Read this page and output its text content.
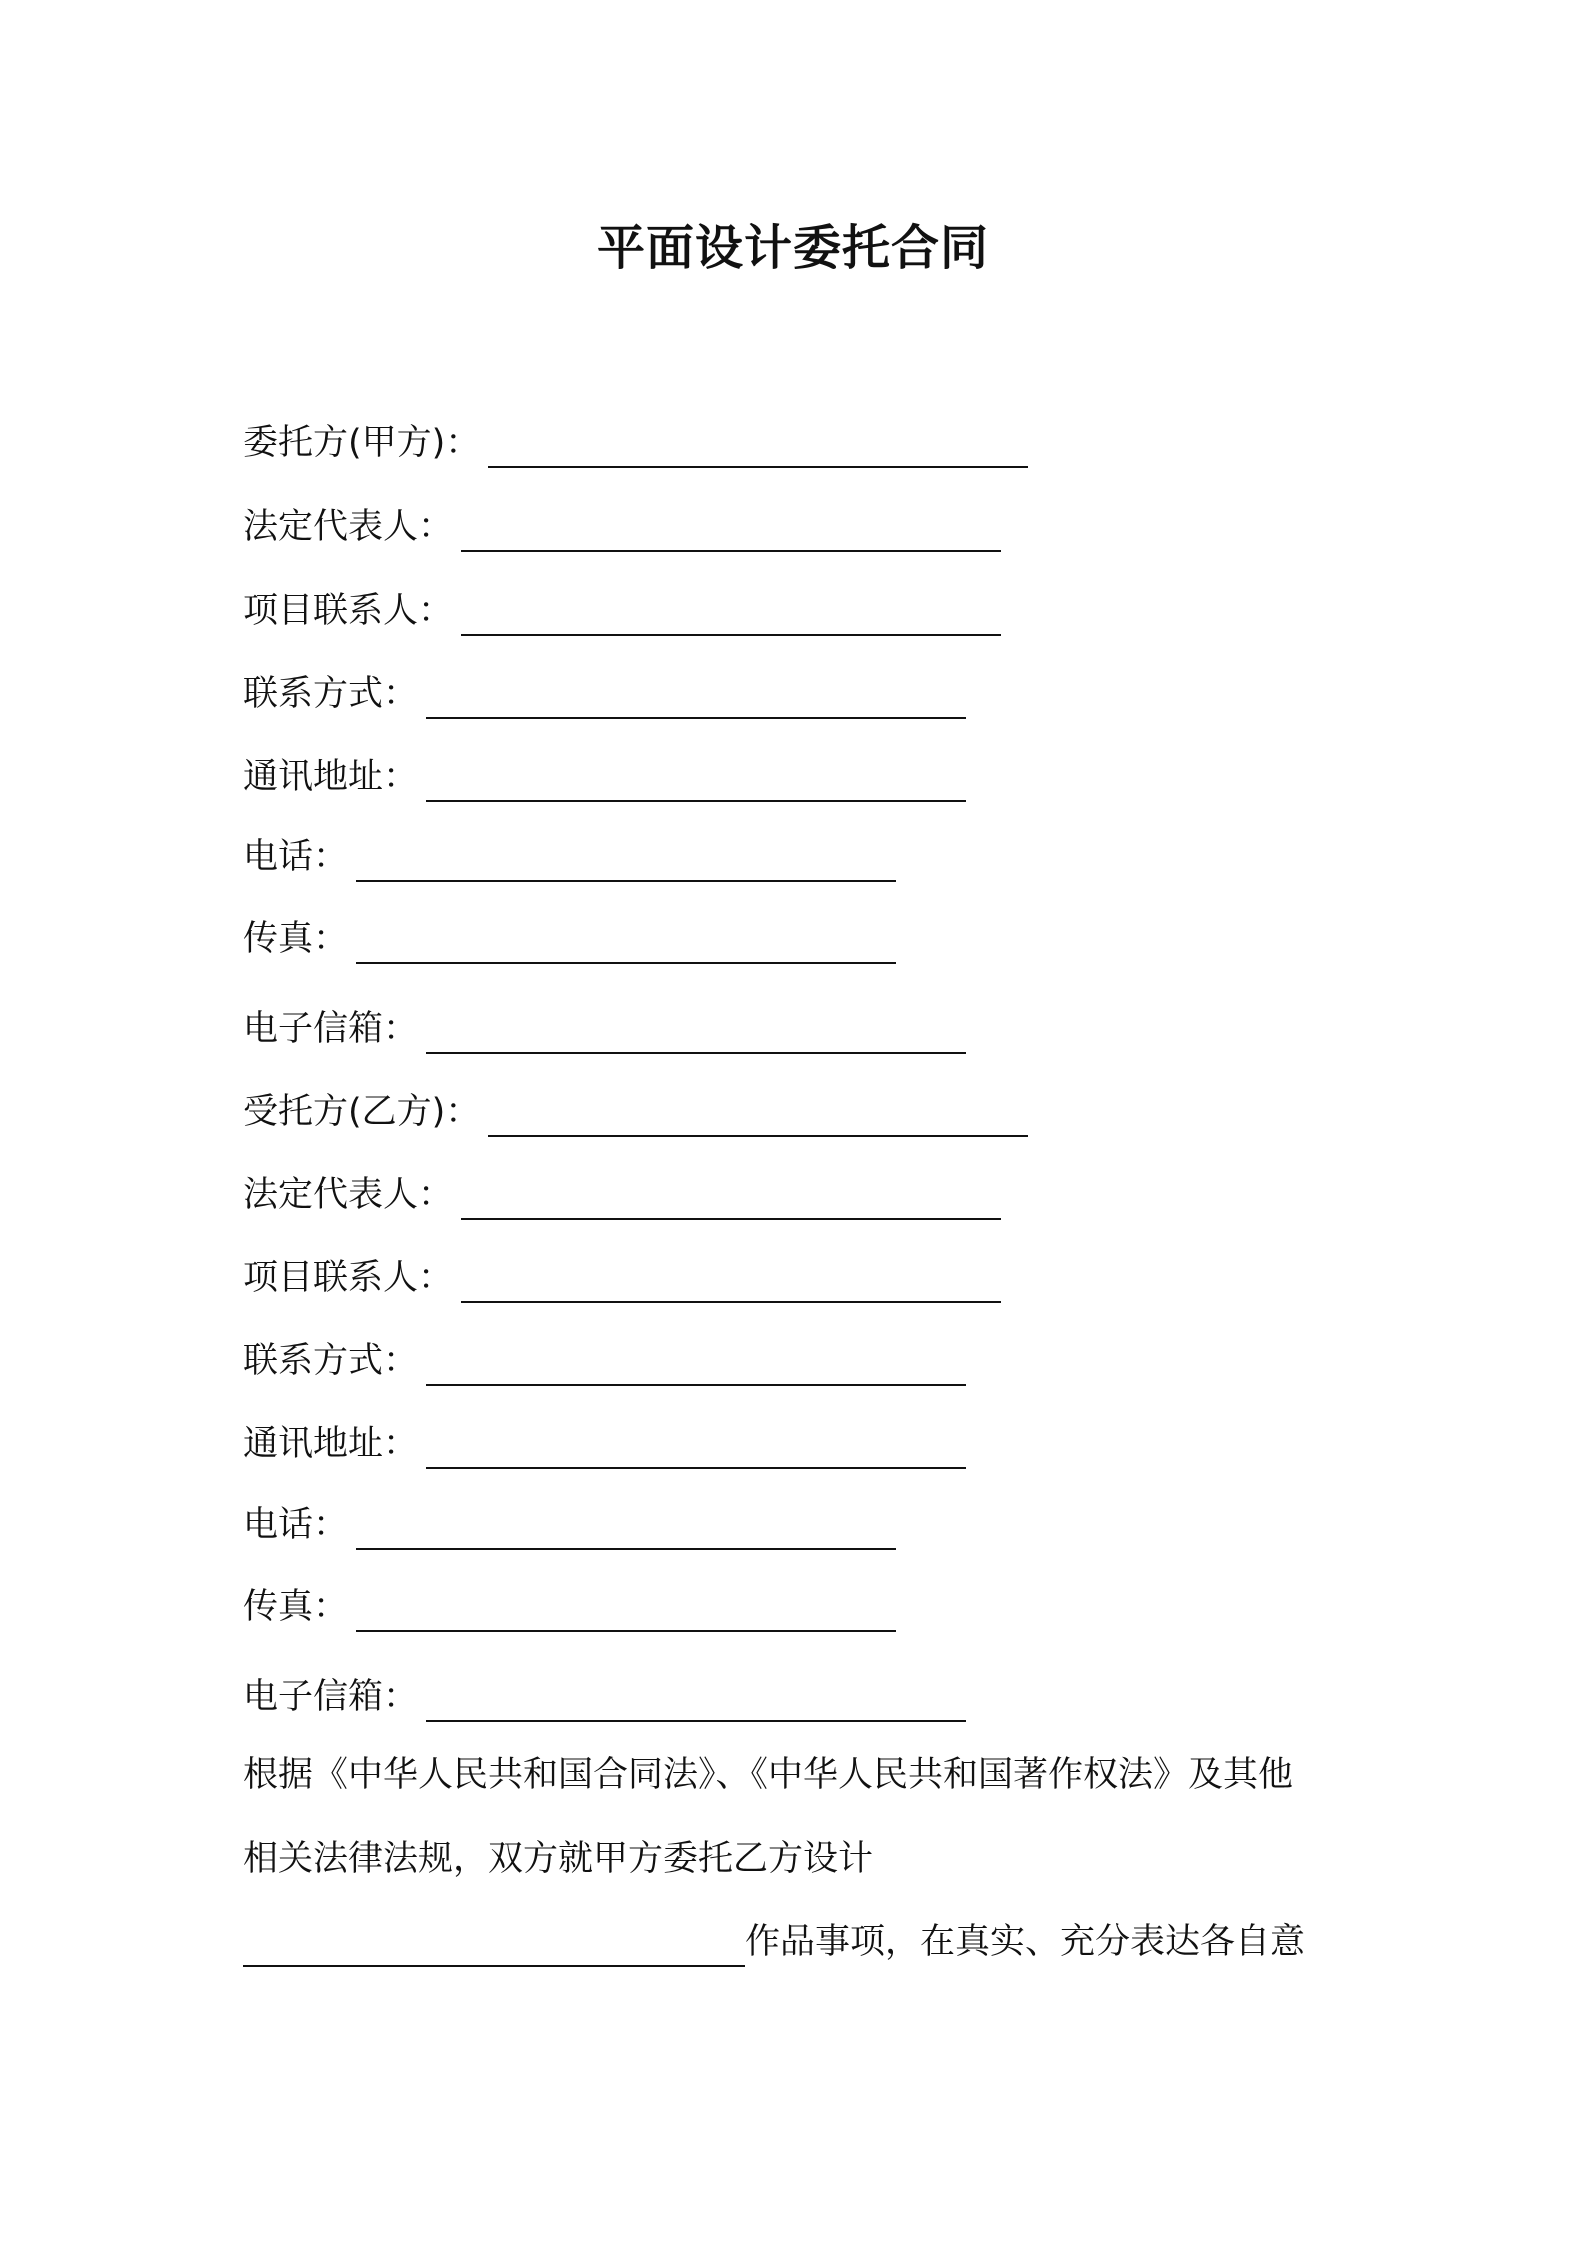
平面设计委托合同
委托方(甲方)：
法定代表人：
项目联系人：
联系方式：
通讯地址：
电话：
传真：
电子信箱：
受托方(乙方)：
法定代表人：
项目联系人：
联系方式：
通讯地址：
电话：
传真：
电子信箱：
根据《中华人民共和国合同法》、《中华人民共和国著作权法》及其他
相关法律法规，双方就甲方委托乙方设计
作品事项，在真实、充分表达各自意
